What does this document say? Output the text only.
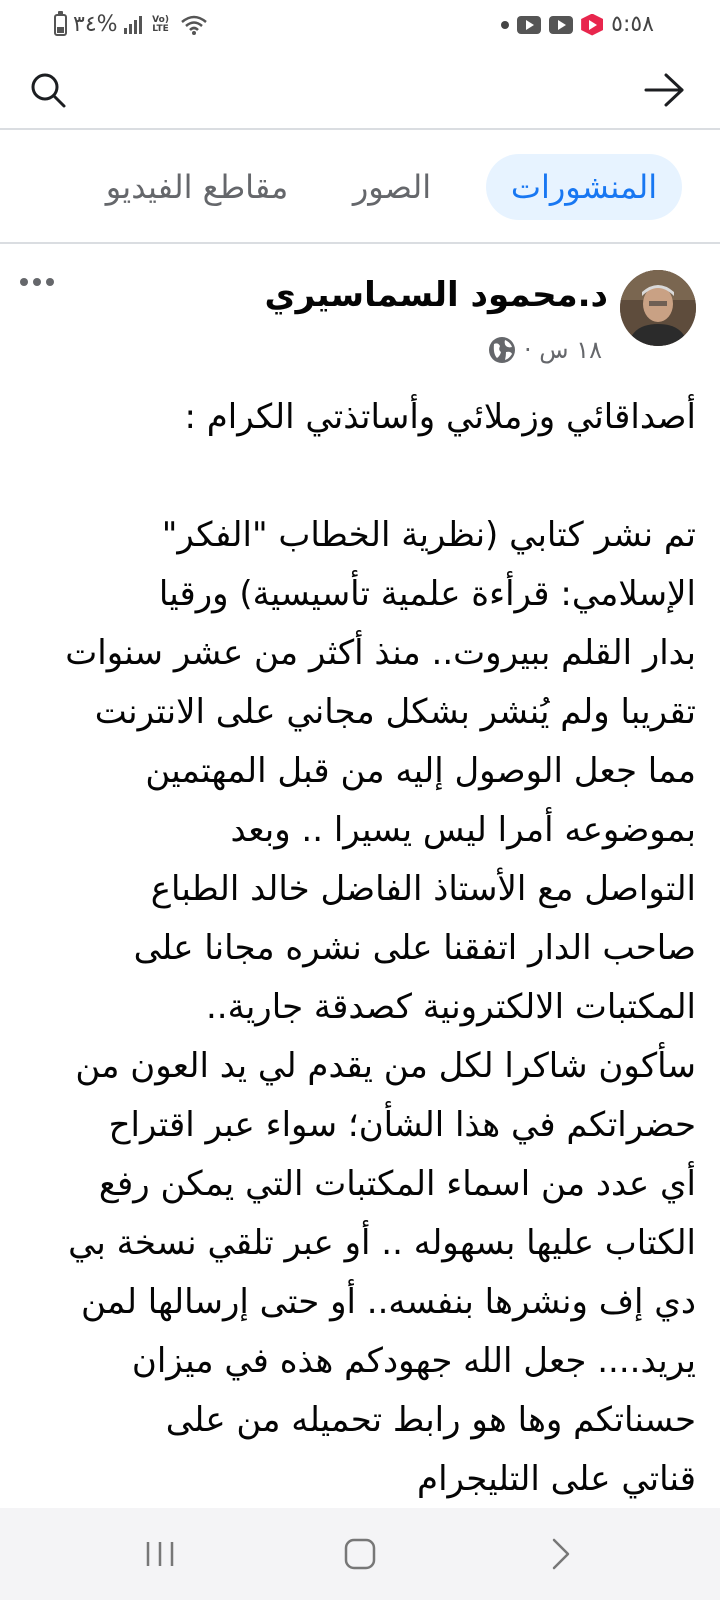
%٣٤	Vo) LTE	٥:٥٨
المنشورات
الصور
مقاطع الفيديو
د.محمود السماسيري
١٨ س ·

أصداقائي وزملائي وأساتذتي الكرام :

تم نشر كتابي (نظرية الخطاب "الفكر"

الإسلامي: قرأءة علمية تأسيسية) ورقيا

بدار القلم ببيروت.. منذ أكثر من عشر سنوات

تقريبا ولم يُنشر بشكل مجاني على الانترنت

مما جعل الوصول إليه من قبل المهتمين

بموضوعه أمرا ليس يسيرا .. وبعد

التواصل مع الأستاذ الفاضل خالد الطباع

صاحب الدار اتفقنا على نشره مجانا على

المكتبات الالكترونية كصدقة جارية..

سأكون شاكرا لكل من يقدم لي يد العون من

حضراتكم في هذا الشأن؛ سواء عبر اقتراح

أي عدد من اسماء المكتبات التي يمكن رفع

الكتاب عليها بسهوله .. أو عبر تلقي نسخة بي

دي إف ونشرها بنفسه.. أو حتى إرسالها لمن

يريد.... جعل الله جهودكم هذه في ميزان

حسناتكم وها هو رابط تحميله من على

قناتي على التليجرام
